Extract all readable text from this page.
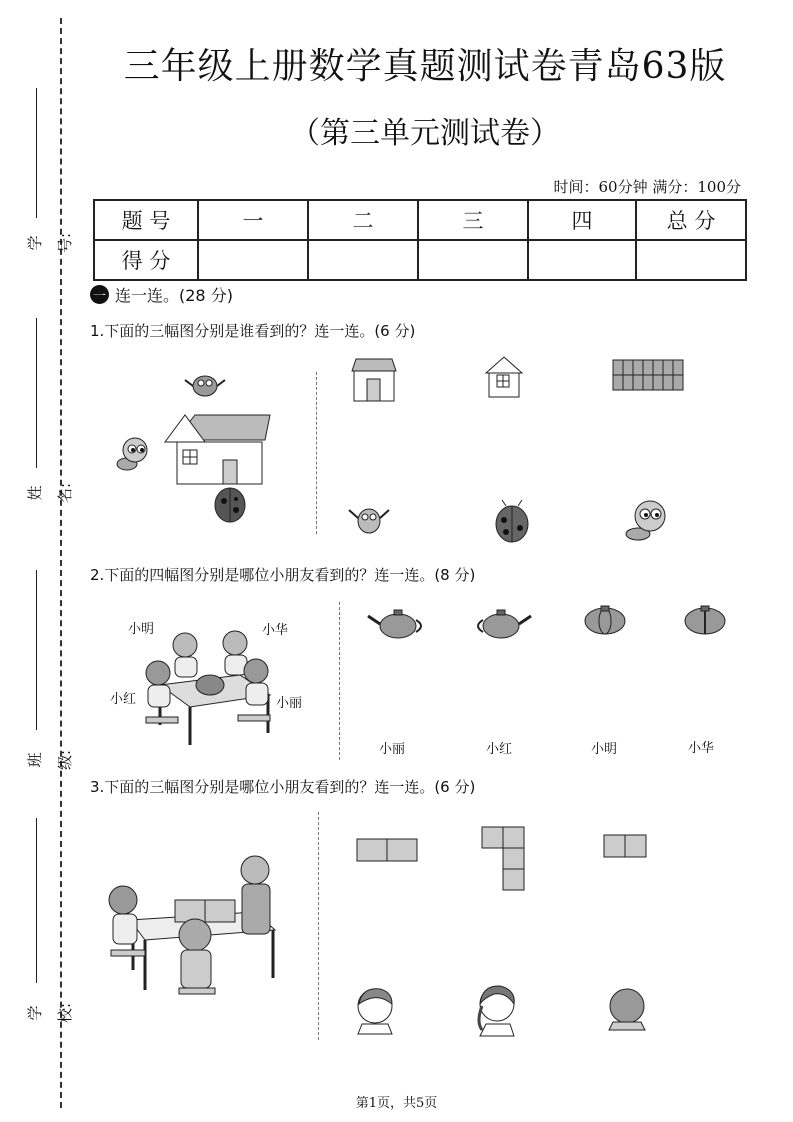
学号:
姓名:
班级:
学校:
三年级上册数学真题测试卷青岛63版
（第三单元测试卷）
时间：60分钟 满分：100分
题 号	一	二	三	四	总 分
得 分					
一 连一连。(28 分)
1.下面的三幅图分别是谁看到的？连一连。(6 分)
2.下面的四幅图分别是哪位小朋友看到的？连一连。(8 分)
小明	小华
小红	小丽
小丽	小红	小明	小华
3.下面的三幅图分别是哪位小朋友看到的？连一连。(6 分)
第1页，共5页
